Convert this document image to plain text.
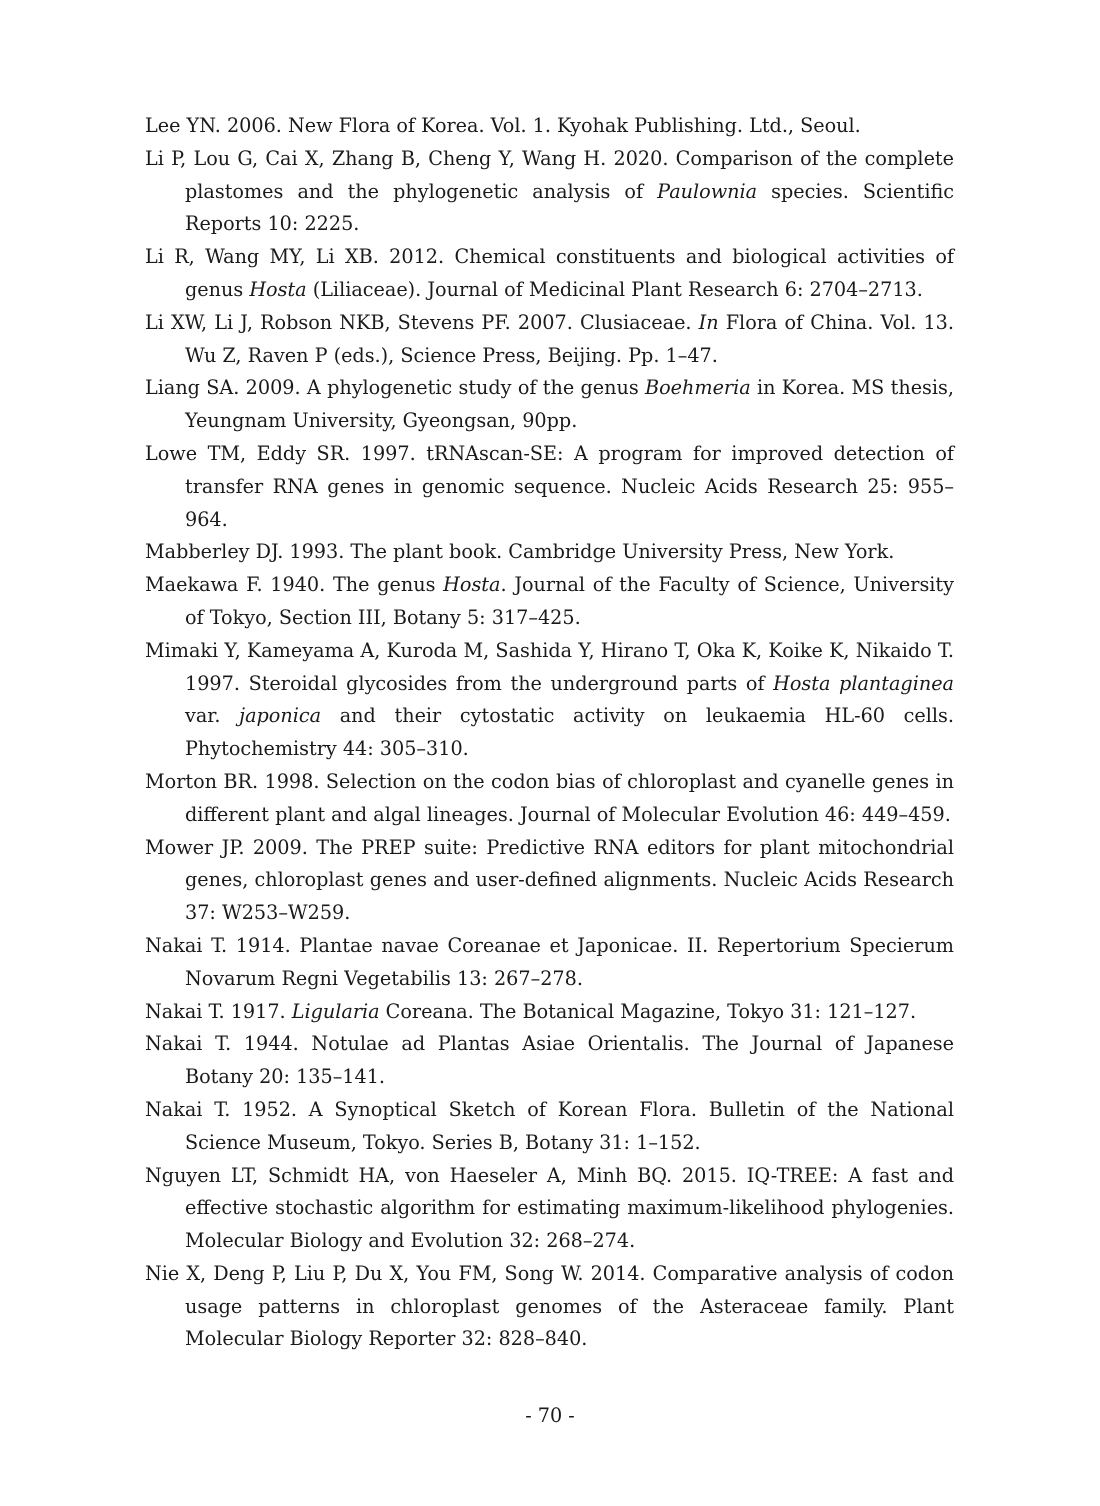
Lee YN. 2006. New Flora of Korea. Vol. 1. Kyohak Publishing. Ltd., Seoul.

Li P, Lou G, Cai X, Zhang B, Cheng Y, Wang H. 2020. Comparison of the complete plastomes and the phylogenetic analysis of Paulownia species. Scientific Reports 10: 2225.

Li R, Wang MY, Li XB. 2012. Chemical constituents and biological activities of genus Hosta (Liliaceae). Journal of Medicinal Plant Research 6: 2704–2713.

Li XW, Li J, Robson NKB, Stevens PF. 2007. Clusiaceae. In Flora of China. Vol. 13. Wu Z, Raven P (eds.), Science Press, Beijing. Pp. 1–47.

Liang SA. 2009. A phylogenetic study of the genus Boehmeria in Korea. MS thesis, Yeungnam University, Gyeongsan, 90pp.

Lowe TM, Eddy SR. 1997. tRNAscan-SE: A program for improved detection of transfer RNA genes in genomic sequence. Nucleic Acids Research 25: 955–964.

Mabberley DJ. 1993. The plant book. Cambridge University Press, New York.

Maekawa F. 1940. The genus Hosta. Journal of the Faculty of Science, University of Tokyo, Section III, Botany 5: 317–425.

Mimaki Y, Kameyama A, Kuroda M, Sashida Y, Hirano T, Oka K, Koike K, Nikaido T. 1997. Steroidal glycosides from the underground parts of Hosta plantaginea var. japonica and their cytostatic activity on leukaemia HL-60 cells. Phytochemistry 44: 305–310.

Morton BR. 1998. Selection on the codon bias of chloroplast and cyanelle genes in different plant and algal lineages. Journal of Molecular Evolution 46: 449–459.

Mower JP. 2009. The PREP suite: Predictive RNA editors for plant mitochondrial genes, chloroplast genes and user-defined alignments. Nucleic Acids Research 37: W253–W259.

Nakai T. 1914. Plantae navae Coreanae et Japonicae. II. Repertorium Specierum Novarum Regni Vegetabilis 13: 267–278.

Nakai T. 1917. Ligularia Coreana. The Botanical Magazine, Tokyo 31: 121–127.

Nakai T. 1944. Notulae ad Plantas Asiae Orientalis. The Journal of Japanese Botany 20: 135–141.

Nakai T. 1952. A Synoptical Sketch of Korean Flora. Bulletin of the National Science Museum, Tokyo. Series B, Botany 31: 1–152.

Nguyen LT, Schmidt HA, von Haeseler A, Minh BQ. 2015. IQ-TREE: A fast and effective stochastic algorithm for estimating maximum-likelihood phylogenies. Molecular Biology and Evolution 32: 268–274.

Nie X, Deng P, Liu P, Du X, You FM, Song W. 2014. Comparative analysis of codon usage patterns in chloroplast genomes of the Asteraceae family. Plant Molecular Biology Reporter 32: 828–840.

- 70 -
